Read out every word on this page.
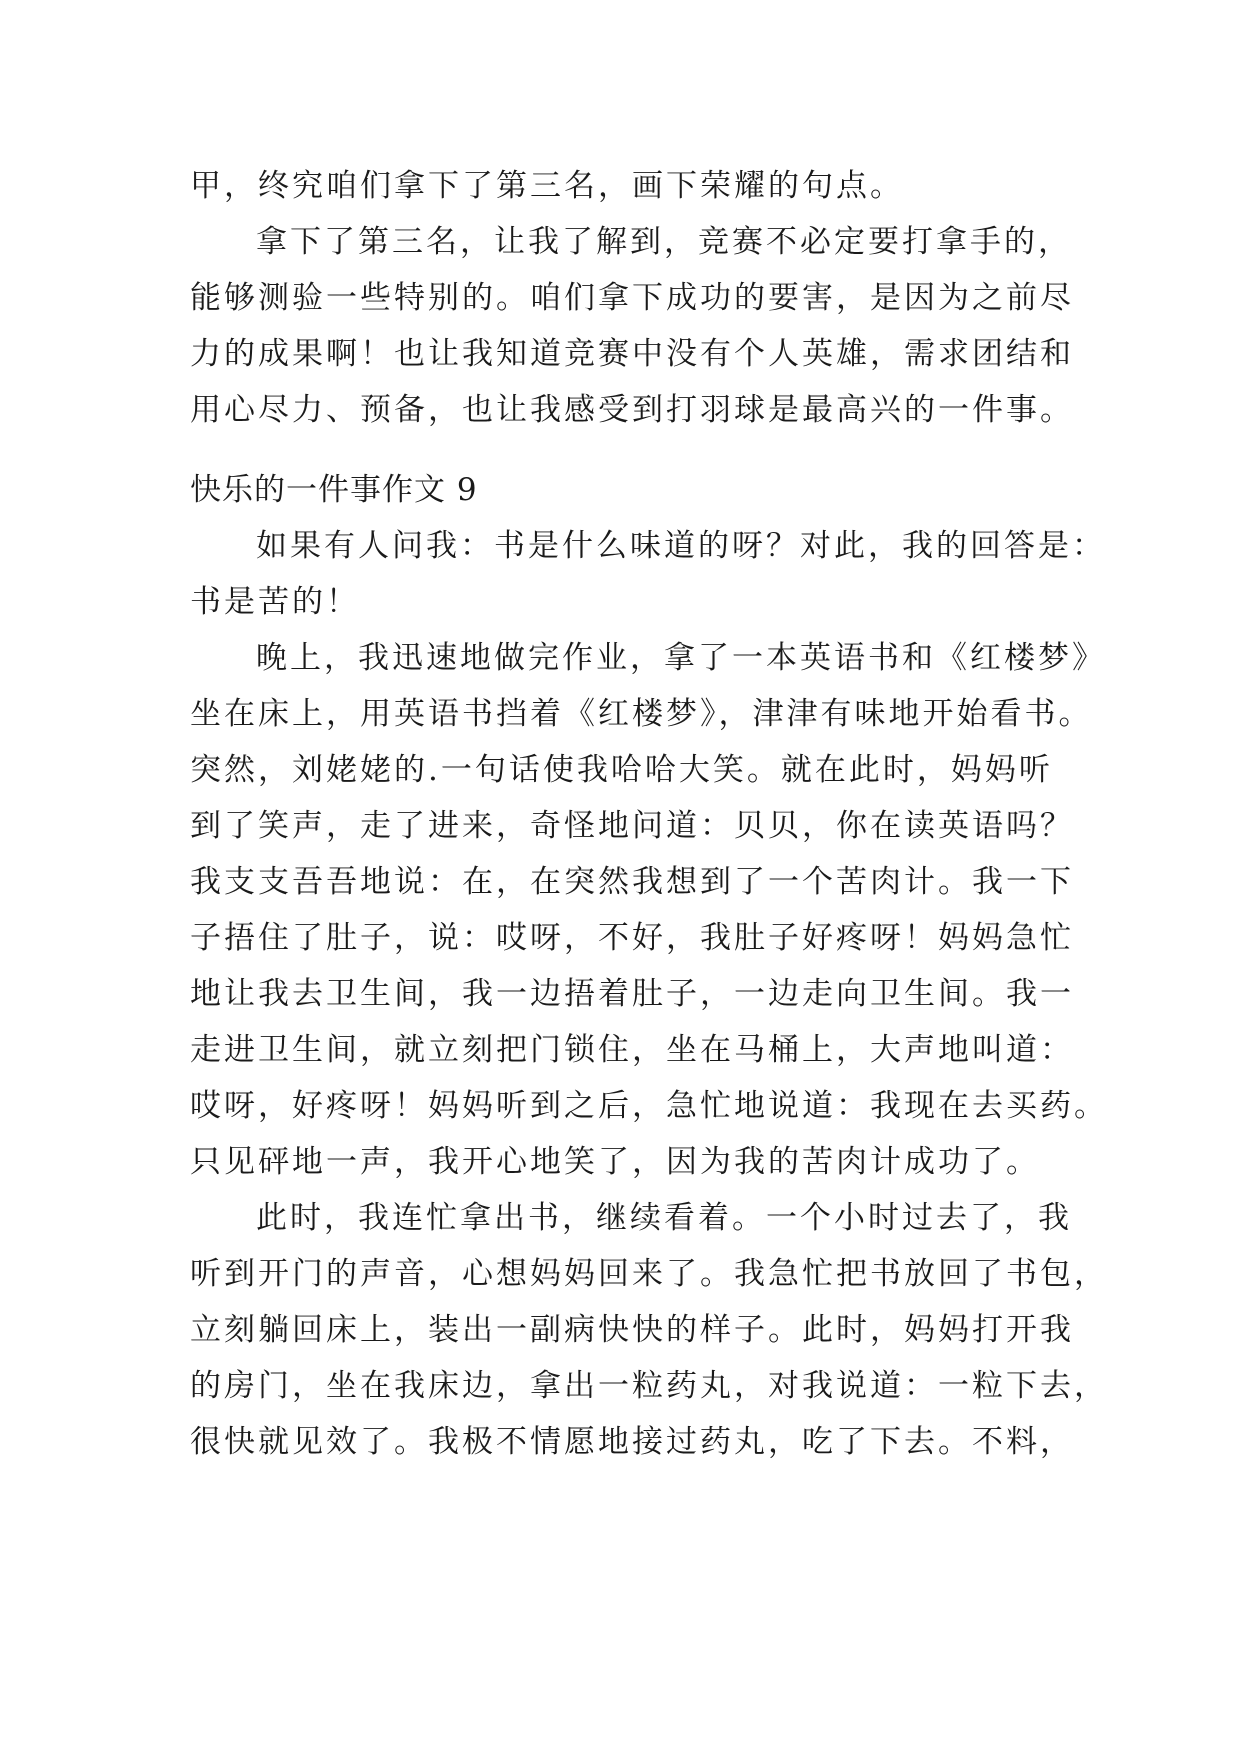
甲，终究咱们拿下了第三名，画下荣耀的句点。
拿下了第三名，让我了解到，竞赛不必定要打拿手的，
能够测验一些特别的。咱们拿下成功的要害，是因为之前尽
力的成果啊！也让我知道竞赛中没有个人英雄，需求团结和
用心尽力、预备，也让我感受到打羽球是最高兴的一件事。
快乐的一件事作文 9
如果有人问我：书是什么味道的呀？对此，我的回答是：
书是苦的！
晚上，我迅速地做完作业，拿了一本英语书和《红楼梦》
坐在床上，用英语书挡着《红楼梦》，津津有味地开始看书。
突然，刘姥姥的.一句话使我哈哈大笑。就在此时，妈妈听
到了笑声，走了进来，奇怪地问道：贝贝，你在读英语吗？
我支支吾吾地说：在，在突然我想到了一个苦肉计。我一下
子捂住了肚子，说：哎呀，不好，我肚子好疼呀！妈妈急忙
地让我去卫生间，我一边捂着肚子，一边走向卫生间。我一
走进卫生间，就立刻把门锁住，坐在马桶上，大声地叫道：
哎呀，好疼呀！妈妈听到之后，急忙地说道：我现在去买药。
只见砰地一声，我开心地笑了，因为我的苦肉计成功了。
此时，我连忙拿出书，继续看着。一个小时过去了，我
听到开门的声音，心想妈妈回来了。我急忙把书放回了书包，
立刻躺回床上，装出一副病快快的样子。此时，妈妈打开我
的房门，坐在我床边，拿出一粒药丸，对我说道：一粒下去，
很快就见效了。我极不情愿地接过药丸，吃了下去。不料，
